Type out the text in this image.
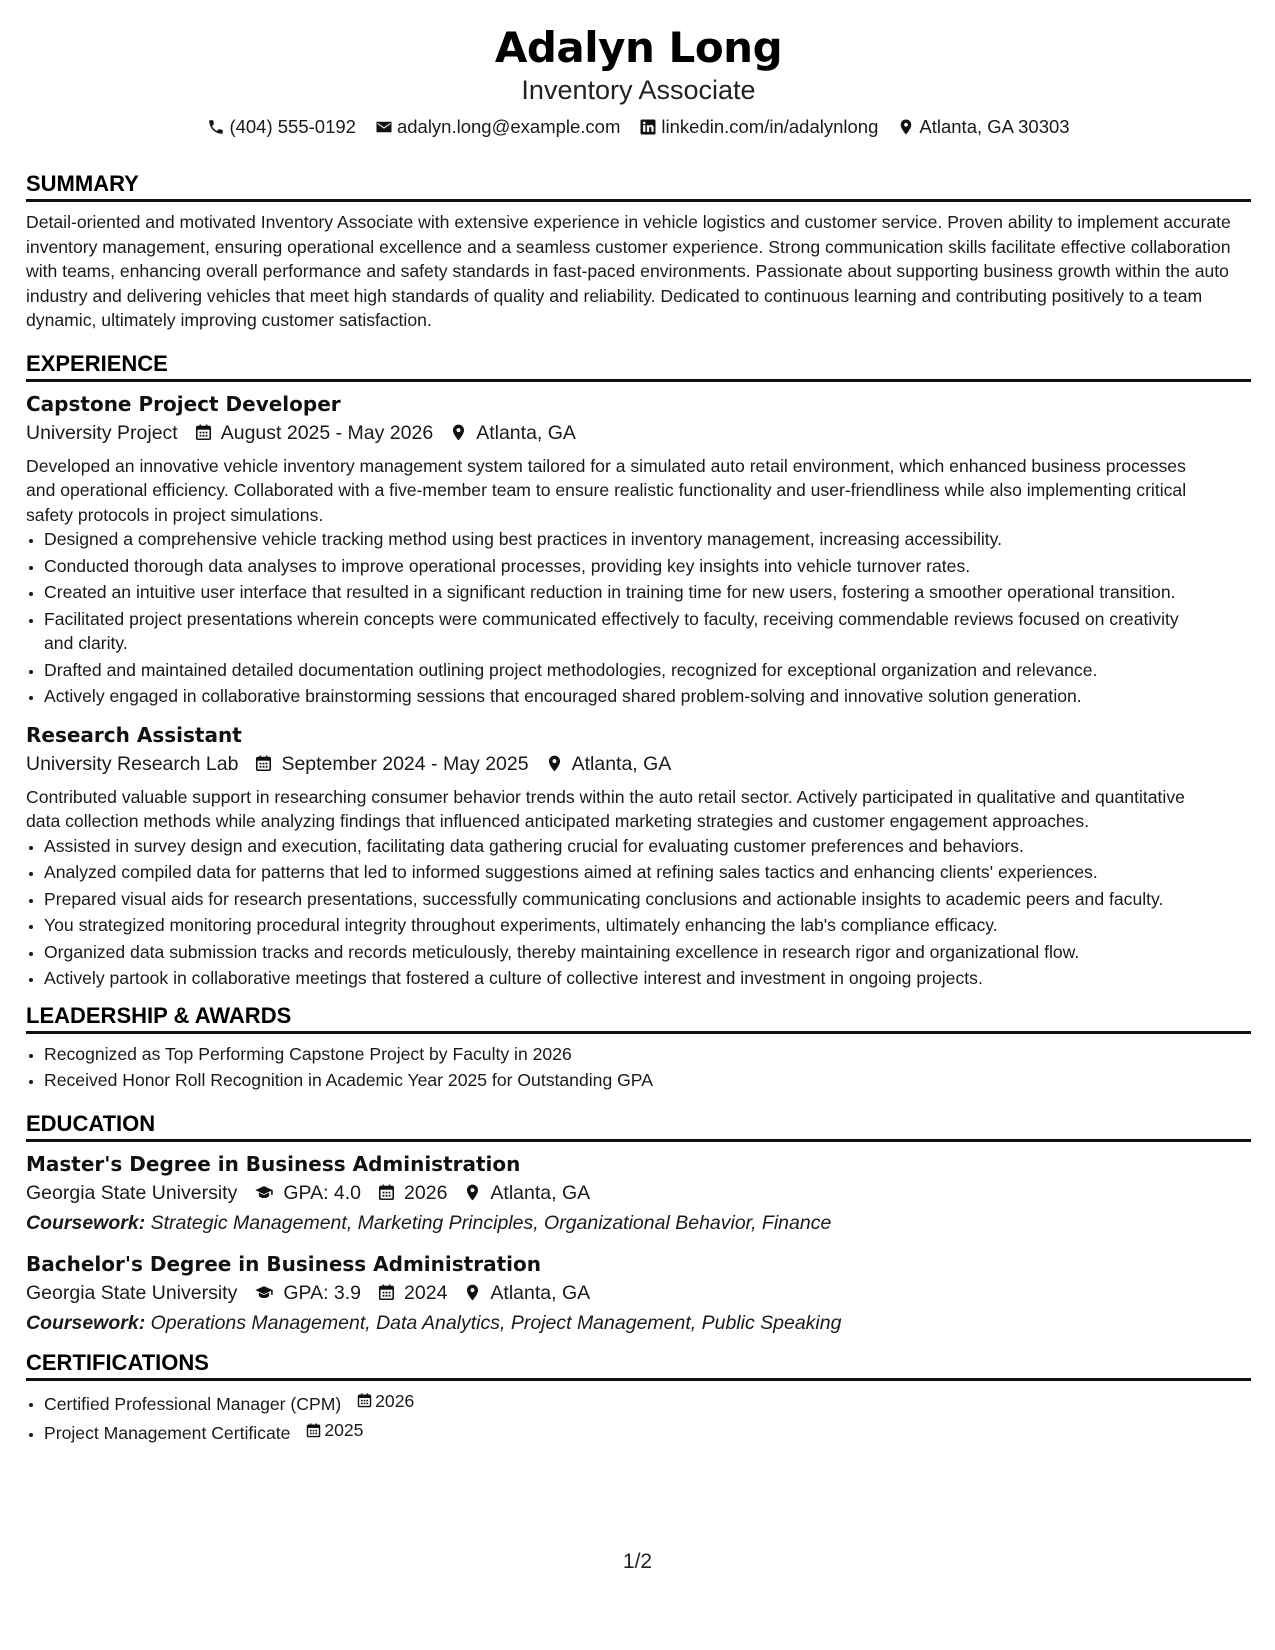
Adalyn Long
Inventory Associate
(404) 555-0192 adalyn.long@example.com linkedin.com/in/adalynlong Atlanta, GA 30303
SUMMARY

Detail-oriented and motivated Inventory Associate with extensive experience in vehicle logistics and customer service. Proven ability to implement accurate inventory management, ensuring operational excellence and a seamless customer experience. Strong communication skills facilitate effective collaboration with teams, enhancing overall performance and safety standards in fast-paced environments. Passionate about supporting business growth within the auto industry and delivering vehicles that meet high standards of quality and reliability. Dedicated to continuous learning and contributing positively to a team dynamic, ultimately improving customer satisfaction.

EXPERIENCE
Capstone Project Developer
University Project August 2025 - May 2026 Atlanta, GA

Developed an innovative vehicle inventory management system tailored for a simulated auto retail environment, which enhanced business processes and operational efficiency. Collaborated with a five-member team to ensure realistic functionality and user-friendliness while also implementing critical safety protocols in project simulations.

• Designed a comprehensive vehicle tracking method using best practices in inventory management, increasing accessibility.
• Conducted thorough data analyses to improve operational processes, providing key insights into vehicle turnover rates.
• Created an intuitive user interface that resulted in a significant reduction in training time for new users, fostering a smoother operational transition.
• Facilitated project presentations wherein concepts were communicated effectively to faculty, receiving commendable reviews focused on creativity and clarity.
• Drafted and maintained detailed documentation outlining project methodologies, recognized for exceptional organization and relevance.
• Actively engaged in collaborative brainstorming sessions that encouraged shared problem-solving and innovative solution generation.
Research Assistant
University Research Lab September 2024 - May 2025 Atlanta, GA

Contributed valuable support in researching consumer behavior trends within the auto retail sector. Actively participated in qualitative and quantitative data collection methods while analyzing findings that influenced anticipated marketing strategies and customer engagement approaches.

• Assisted in survey design and execution, facilitating data gathering crucial for evaluating customer preferences and behaviors.
• Analyzed compiled data for patterns that led to informed suggestions aimed at refining sales tactics and enhancing clients' experiences.
• Prepared visual aids for research presentations, successfully communicating conclusions and actionable insights to academic peers and faculty.
• You strategized monitoring procedural integrity throughout experiments, ultimately enhancing the lab's compliance efficacy.
• Organized data submission tracks and records meticulously, thereby maintaining excellence in research rigor and organizational flow.
• Actively partook in collaborative meetings that fostered a culture of collective interest and investment in ongoing projects.
LEADERSHIP & AWARDS
• Recognized as Top Performing Capstone Project by Faculty in 2026
• Received Honor Roll Recognition in Academic Year 2025 for Outstanding GPA
EDUCATION
Master's Degree in Business Administration
Georgia State University GPA: 4.0 2026 Atlanta, GA
Coursework: Strategic Management, Marketing Principles, Organizational Behavior, Finance
Bachelor's Degree in Business Administration
Georgia State University GPA: 3.9 2024 Atlanta, GA
Coursework: Operations Management, Data Analytics, Project Management, Public Speaking
CERTIFICATIONS
• Certified Professional Manager (CPM) 2026
• Project Management Certificate 2025
1/2
